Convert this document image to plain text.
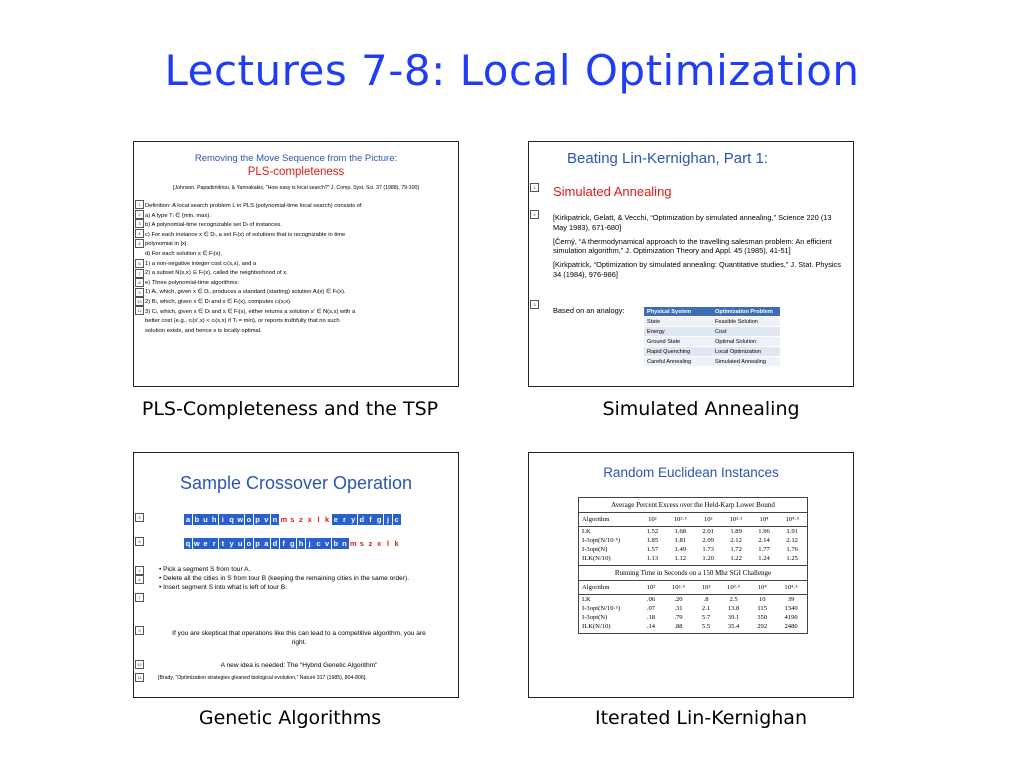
Lectures 7-8: Local Optimization
Removing the Move Sequence from the Picture:
PLS-completeness
[Johnson, Papadimitriou, & Yannakakis, "How easy is local search?" J. Comp. Syst. Sci. 37 (1988), 79-100]
Definition: A local search problem L in PLS (polynomial-time local search) consists of
a) A type Tₗ ∈ {min, max}.
b) A polynomial-time recognizable set Dₗ of instances.
c) For each instance x ∈ Dₗ, a set Fₗ(x) of solutions that is recognizable in time
polynomial in |x|.
d) For each solution s ∈ Fₗ(x),
1) a non-negative integer cost cₗ(s,x), and a
2) a subset N(s,x) ⊆ Fₗ(x), called the neighborhood of x.
e) Three polynomial-time algorithms:
1) Aₗ, which, given x ∈ Dₗ, produces a standard (starting) solution Aₗ(x) ∈ Fₗ(x).
2) Bₗ, which, given x ∈ Dₗ and s ∈ Fₗ(x), computes cₗ(s,x).
3) Cₗ, which, given x ∈ Dₗ and s ∈ Fₗ(x), either returns a solution s' ∈ N(s,x) with a
better cost (e.g., cₗ(s',x) < cₗ(s,x) if Tₗ = min), or reports truthfully that no such
solution exists, and hence s is locally optimal.
1
2
3
4
5
6
7
8
9
10
11
PLS-Completeness and the TSP
Beating Lin-Kernighan, Part 1:
Simulated Annealing

[Kirkpatrick, Gelatt, & Vecchi, “Optimization by simulated annealing,” Science 220 (13 May 1983), 671-680]

[Černý, “A thermodynamical approach to the travelling salesman problem: An efficient simulation algorithm,” J. Optimization Theory and Appl. 45 (1985), 41-51]

[Kirkpatrick, “Optimization by simulated annealing: Quantitative studies,” J. Stat. Physics 34 (1984), 976-986]

Based on an analogy:	Physical System	Optimization Problem
State	Feasible Solution
Energy	Cost
Ground State	Optimal Solution
Rapid Quenching	Local Optimization
Careful Annealing	Simulated Annealing
1
2
3
Simulated Annealing
Sample Crossover Operation
a b u h i q w o p v n m s z x l k e r y d f g j c
q w e r t y u o p a d f g h j c v b n m s z x l k
• Pick a segment S from tour A.
• Delete all the cities in S from tour B (keeping the remaining cities in the same order).
• Insert segment S into what is left of tour B.
If you are skeptical that operations like this can lead to a competitive algorithm, you are right.
A new idea is needed: The “Hybrid Genetic Algorithm”
[Brady, “Optimization strategies gleaned biological evolution,” Nature 317 (1985), 804-806].
3
6
2
4
7
9
10
11
Genetic Algorithms
Random Euclidean Instances
Average Percent Excess over the Held-Karp Lower Bound
Algorithm	10²	10²·⁵	10³	10³·⁵	10⁴	10⁴·⁵
LK	1.52	1.68	2.01	1.89	1.96	1.91
I-3opt(N/10·⁵)	1.85	1.81	2.09	2.12	2.14	2.12
I-3opt(N)	1.57	1.49	1.73	1.72	1.77	1.76
ILK(N/10)	1.13	1.12	1.20	1.22	1.24	1.25
Running Time in Seconds on a 150 Mhz SGI Challenge
Algorithm	10²	10²·⁵	10³	10³·⁵	10⁴	10⁴·⁵
LK	.06	.20	.8	2.5	10	39
I-3opt(N/10·⁵)	.07	.31	2.1	13.8	115	1340
I-3opt(N)	.18	.79	5.7	39.1	350	4190
ILK(N/10)	.14	.88	5.5	35.4	292	2480
Iterated Lin-Kernighan
